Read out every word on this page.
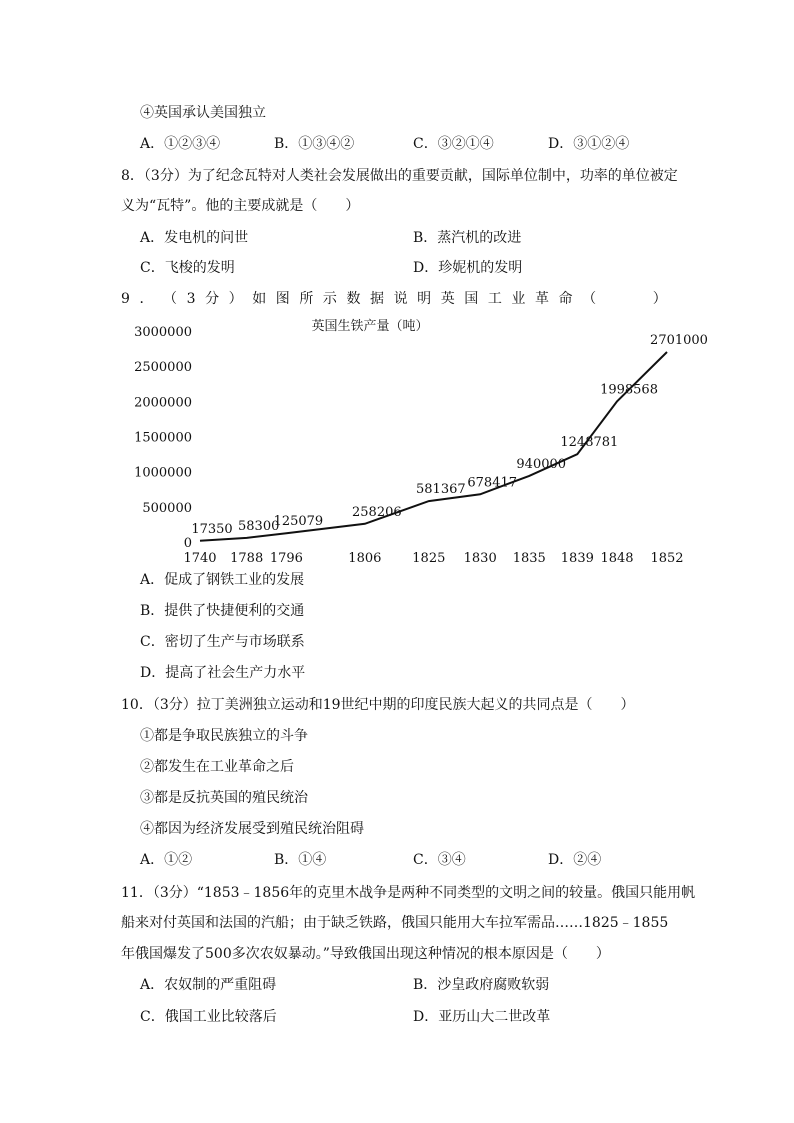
④英国承认美国独立
A．①②③④	B．①③④②	C．③②①④	D．③①②④
8．（3分）为了纪念瓦特对人类社会发展做出的重要贡献，国际单位制中，功率的单位被定
义为“瓦特”。他的主要成就是（　　）
A．发电机的问世	B．蒸汽机的改进
C．飞梭的发明	D．珍妮机的发明
9 ． （ 3 分 ） 如 图 所 示 数 据 说 明 英 国 工 业 革 命 （

　	）
英国生铁产量（吨）
3000000
2500000
2000000
1500000
1000000
500000
0
1740 1788 1796	1806 1825 1830 1835 1839 1848 1852
17350 58300
125079
258206
581367 678417
940000
1248781
1998568
2701000
A．促成了钢铁工业的发展
B．提供了快捷便利的交通
C．密切了生产与市场联系
D．提高了社会生产力水平
10．（3分）拉丁美洲独立运动和19世纪中期的印度民族大起义的共同点是（　　）
①都是争取民族独立的斗争
②都发生在工业革命之后
③都是反抗英国的殖民统治
④都因为经济发展受到殖民统治阻碍
A．①②	B．①④	C．③④	D．②④
11．（3分）“1853﹣1856年的克里木战争是两种不同类型的文明之间的较量。俄国只能用帆
船来对付英国和法国的汽船；由于缺乏铁路，俄国只能用大车拉军需品……1825﹣1855
年俄国爆发了500多次农奴暴动。”导致俄国出现这种情况的根本原因是（　　）
A．农奴制的严重阻碍	B．沙皇政府腐败软弱
C．俄国工业比较落后	D．亚历山大二世改革
